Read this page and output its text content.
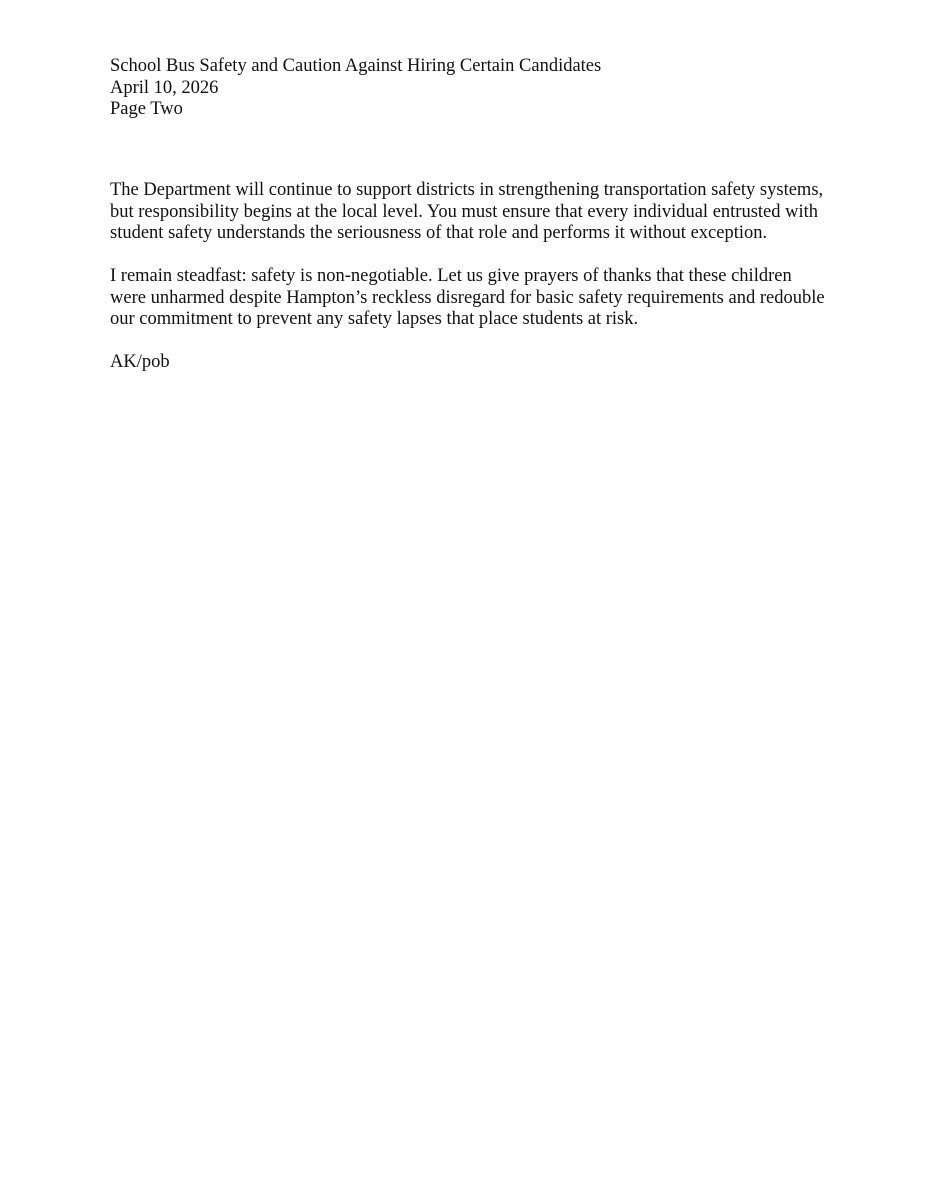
School Bus Safety and Caution Against Hiring Certain Candidates
April 10, 2026
Page Two
The Department will continue to support districts in strengthening transportation safety systems,
but responsibility begins at the local level. You must ensure that every individual entrusted with
student safety understands the seriousness of that role and performs it without exception.
I remain steadfast: safety is non-negotiable. Let us give prayers of thanks that these children
were unharmed despite Hampton’s reckless disregard for basic safety requirements and redouble
our commitment to prevent any safety lapses that place students at risk.
AK/pob
